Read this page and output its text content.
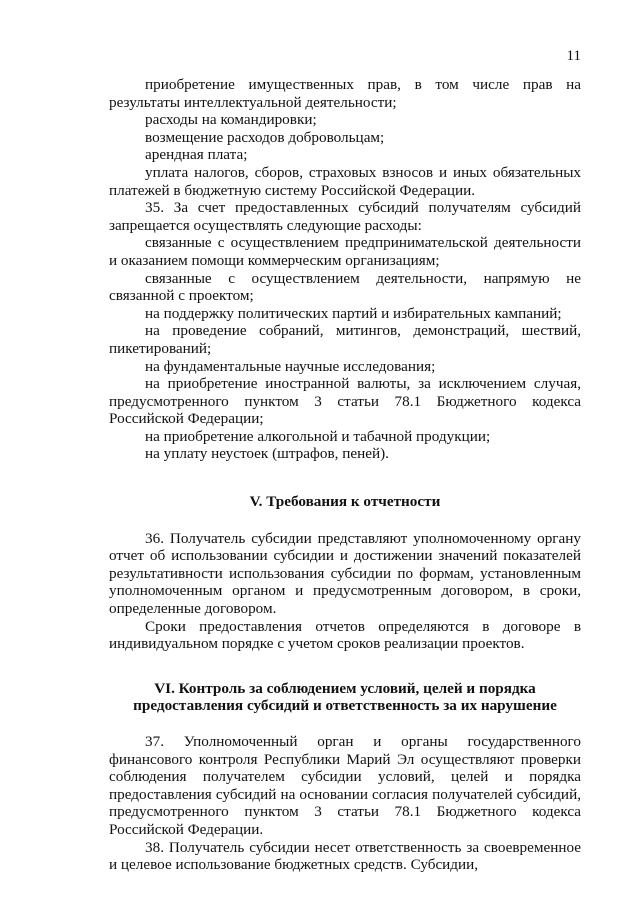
11

приобретение имущественных прав, в том числе прав на результаты интеллектуальной деятельности;

расходы на командировки;

возмещение расходов добровольцам;

арендная плата;

уплата налогов, сборов, страховых взносов и иных обязательных платежей в бюджетную систему Российской Федерации.

35. За счет предоставленных субсидий получателям субсидий запрещается осуществлять следующие расходы:

связанные с осуществлением предпринимательской деятельности и оказанием помощи коммерческим организациям;

связанные с осуществлением деятельности, напрямую не связанной с проектом;

на поддержку политических партий и избирательных кампаний;

на проведение собраний, митингов, демонстраций, шествий, пикетирований;

на фундаментальные научные исследования;

на приобретение иностранной валюты, за исключением случая, предусмотренного пунктом 3 статьи 78.1 Бюджетного кодекса Российской Федерации;

на приобретение алкогольной и табачной продукции;

на уплату неустоек (штрафов, пеней).

V. Требования к отчетности

36. Получатель субсидии представляют уполномоченному органу отчет об использовании субсидии и достижении значений показателей результативности использования субсидии по формам, установленным уполномоченным органом и предусмотренным договором, в сроки, определенные договором.

Сроки предоставления отчетов определяются в договоре в индивидуальном порядке с учетом сроков реализации проектов.

VI. Контроль за соблюдением условий, целей и порядка

предоставления субсидий и ответственность за их нарушение

37. Уполномоченный орган и органы государственного финансового контроля Республики Марий Эл осуществляют проверки соблюдения получателем субсидии условий, целей и порядка предоставления субсидий на основании согласия получателей субсидий, предусмотренного пунктом 3 статьи 78.1 Бюджетного кодекса Российской Федерации.

38. Получатель субсидии несет ответственность за своевременное и целевое использование бюджетных средств. Субсидии,
